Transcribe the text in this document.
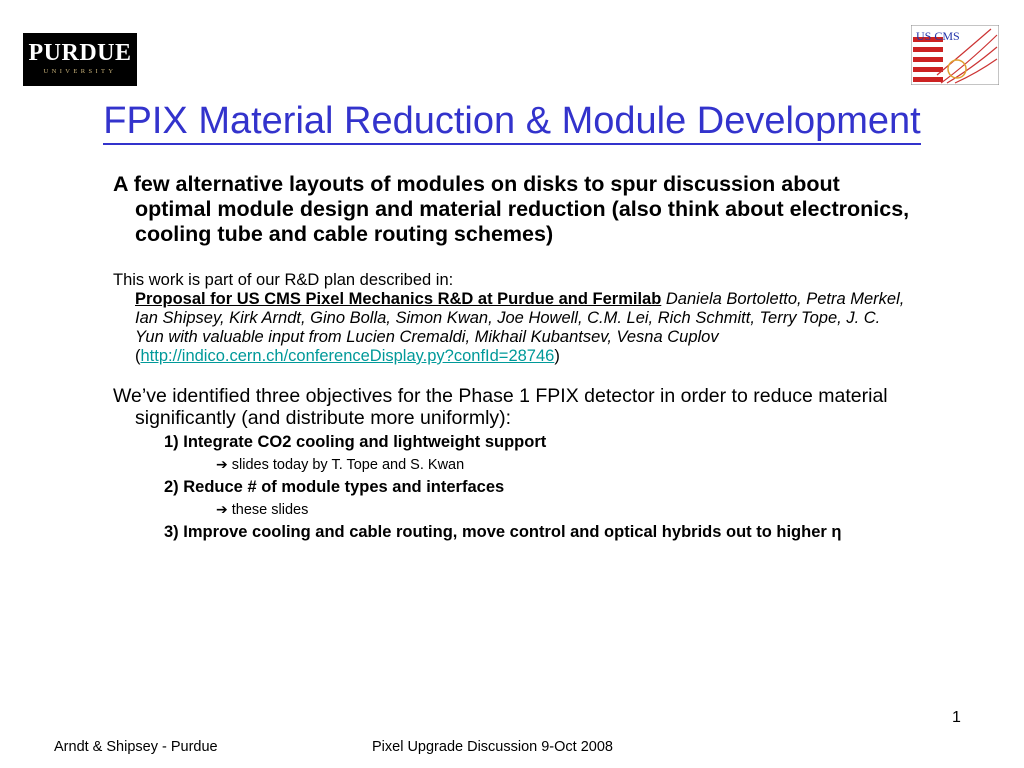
PURDUE
UNIVERSITY
US CMS
FPIX Material Reduction & Module Development

A few alternative layouts of modules on disks to spur discussion about optimal module design and material reduction (also think about electronics, cooling tube and cable routing schemes)

This work is part of our R&D plan described in:

Proposal for US CMS Pixel Mechanics R&D at Purdue and Fermilab Daniela Bortoletto, Petra Merkel, Ian Shipsey, Kirk Arndt, Gino Bolla, Simon Kwan, Joe Howell, C.M. Lei, Rich Schmitt, Terry Tope, J. C. Yun with valuable input from Lucien Cremaldi, Mikhail Kubantsev, Vesna Cuplov
(http://indico.cern.ch/conferenceDisplay.py?confId=28746)

We’ve identified three objectives for the Phase 1 FPIX detector in order to reduce material significantly (and distribute more uniformly):

1) Integrate CO2 cooling and lightweight support

➔ slides today by T. Tope and S. Kwan

2) Reduce # of module types and interfaces

➔ these slides

3) Improve cooling and cable routing, move control and optical hybrids out to higher η

1
Arndt & Shipsey - Purdue	Pixel Upgrade Discussion 9-Oct 2008
